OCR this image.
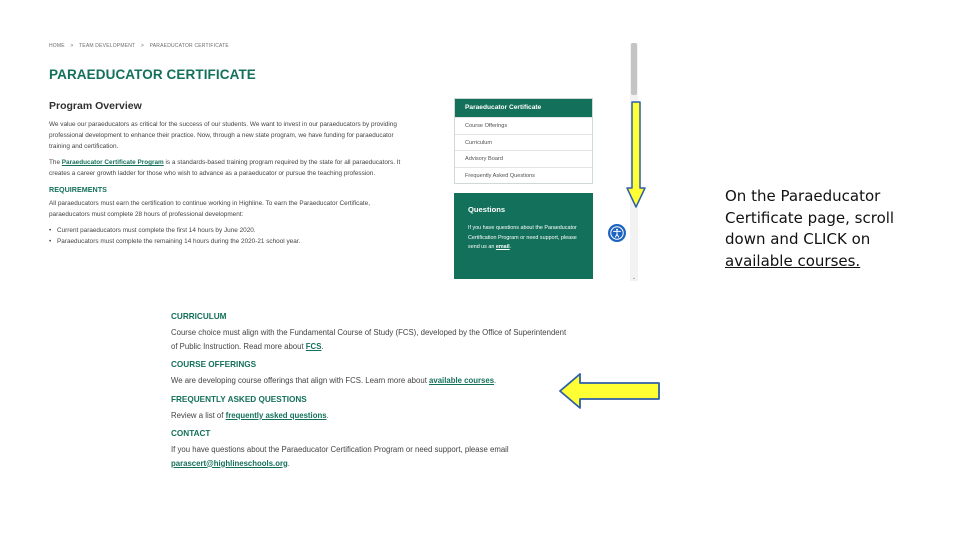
HOME > TEAM DEVELOPMENT > PARAEDUCATOR CERTIFICATE
PARAEDUCATOR CERTIFICATE
Program Overview

We value our paraeducators as critical for the success of our students. We want to invest in our paraeducators by providing professional development to enhance their practice. Now, through a new state program, we have funding for paraeducator training and certification.

The Paraeducator Certificate Program is a standards-based training program required by the state for all paraeducators. It creates a career growth ladder for those who wish to advance as a paraeducator or pursue the teaching profession.

REQUIREMENTS

All paraeducators must earn the certification to continue working in Highline. To earn the Paraeducator Certificate, paraeducators must complete 28 hours of professional development:

• Current paraeducators must complete the first 14 hours by June 2020.
• Paraeducators must complete the remaining 14 hours during the 2020-21 school year.
Paraeducator Certificate
Course Offerings
Curriculum
Advisory Board
Frequently Asked Questions
Questions
If you have questions about the Paraeducator Certification Program or need support, please send us an email.
⌄
On the Paraeducator Certificate page, scroll down and CLICK on available courses.
CURRICULUM
Course choice must align with the Fundamental Course of Study (FCS), developed by the Office of Superintendent of Public Instruction. Read more about FCS.
COURSE OFFERINGS
We are developing course offerings that align with FCS. Learn more about available courses.
FREQUENTLY ASKED QUESTIONS
Review a list of frequently asked questions.
CONTACT
If you have questions about the Paraeducator Certification Program or need support, please email parascert@highlineschools.org.
